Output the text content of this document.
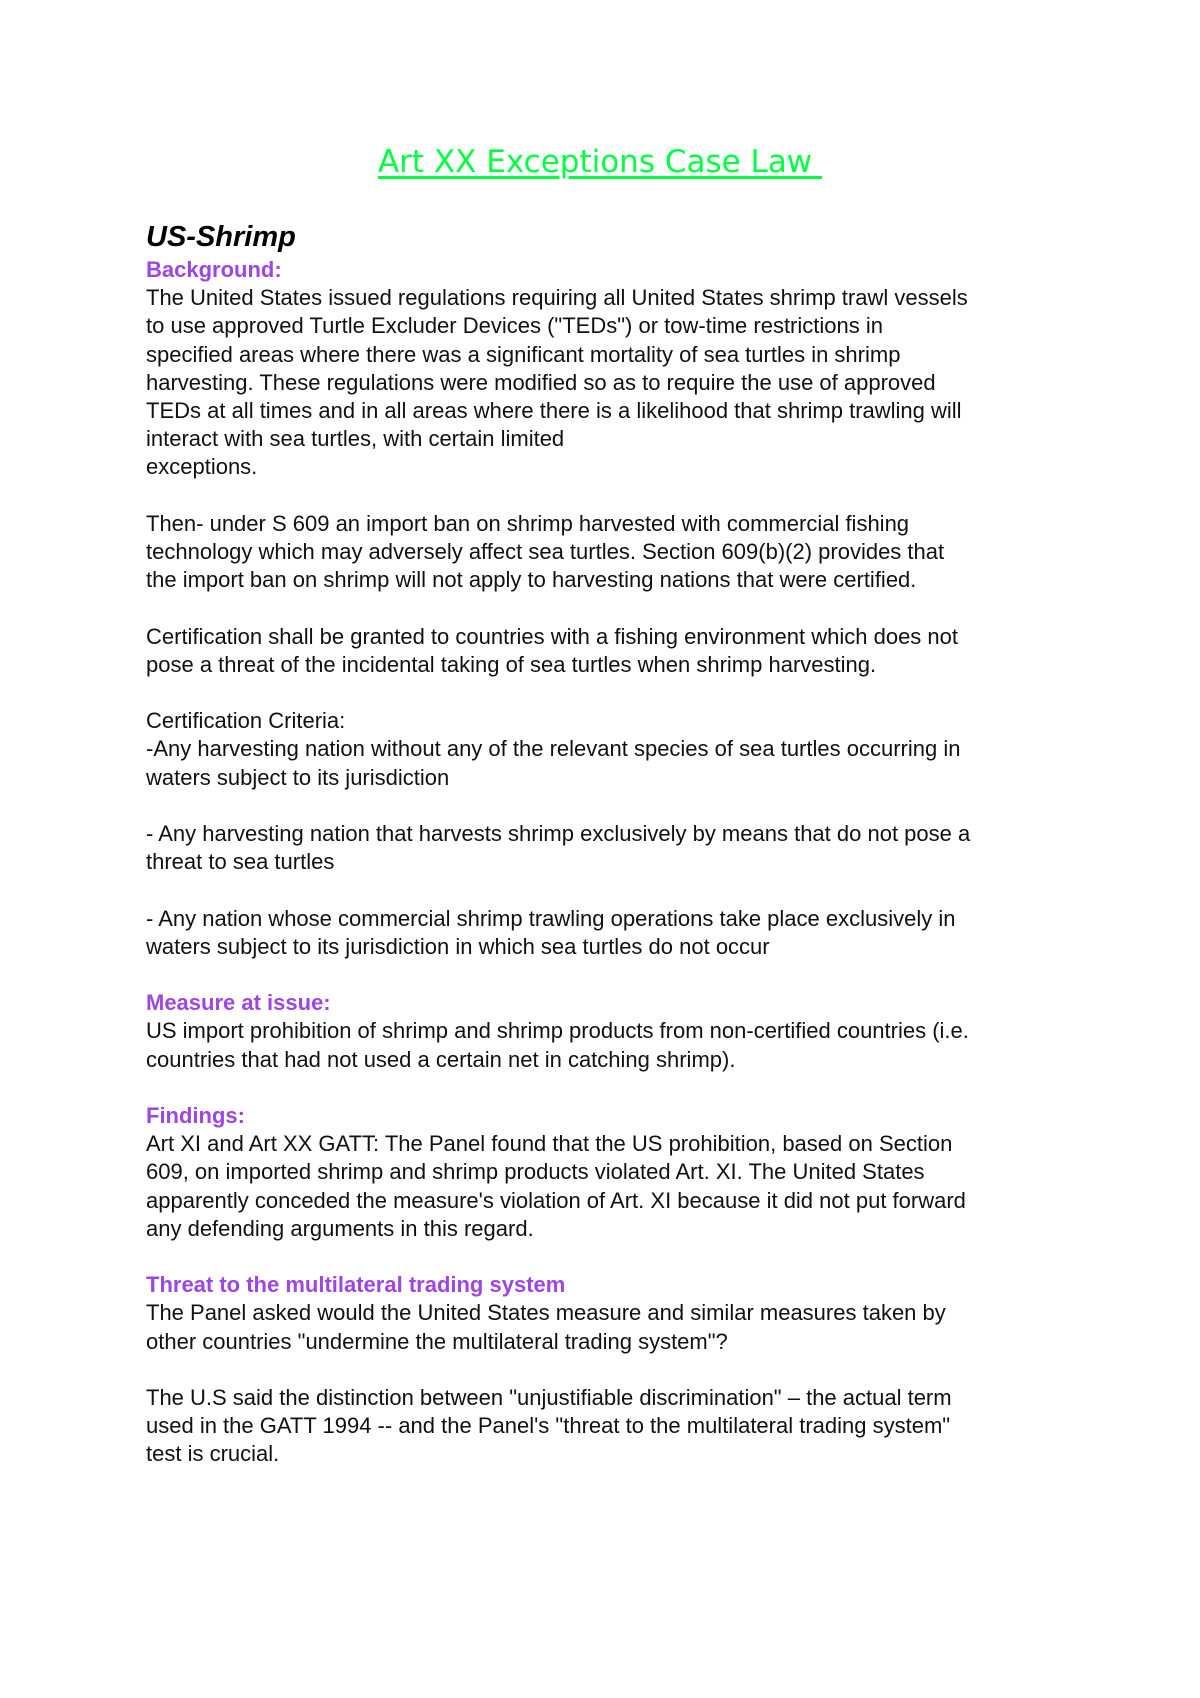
Art XX Exceptions Case Law

US-Shrimp

Background:

The United States issued regulations requiring all United States shrimp trawl vessels
to use approved Turtle Excluder Devices ("TEDs") or tow-time restrictions in
specified areas where there was a significant mortality of sea turtles in shrimp
harvesting. These regulations were modified so as to require the use of approved
TEDs at all times and in all areas where there is a likelihood that shrimp trawling will
interact with sea turtles, with certain limited
exceptions.

Then- under S 609 an import ban on shrimp harvested with commercial fishing
technology which may adversely affect sea turtles. Section 609(b)(2) provides that
the import ban on shrimp will not apply to harvesting nations that were certified.

Certification shall be granted to countries with a fishing environment which does not
pose a threat of the incidental taking of sea turtles when shrimp harvesting.

Certification Criteria:

-Any harvesting nation without any of the relevant species of sea turtles occurring in
waters subject to its jurisdiction

- Any harvesting nation that harvests shrimp exclusively by means that do not pose a
threat to sea turtles

- Any nation whose commercial shrimp trawling operations take place exclusively in
waters subject to its jurisdiction in which sea turtles do not occur

Measure at issue:

US import prohibition of shrimp and shrimp products from non-certified countries (i.e.
countries that had not used a certain net in catching shrimp).

Findings:

Art XI and Art XX GATT: The Panel found that the US prohibition, based on Section
609, on imported shrimp and shrimp products violated Art. XI. The United States
apparently conceded the measure's violation of Art. XI because it did not put forward
any defending arguments in this regard.

Threat to the multilateral trading system

The Panel asked would the United States measure and similar measures taken by
other countries "undermine the multilateral trading system"?

The U.S said the distinction between "unjustifiable discrimination" – the actual term
used in the GATT 1994 -- and the Panel's "threat to the multilateral trading system"
test is crucial.
